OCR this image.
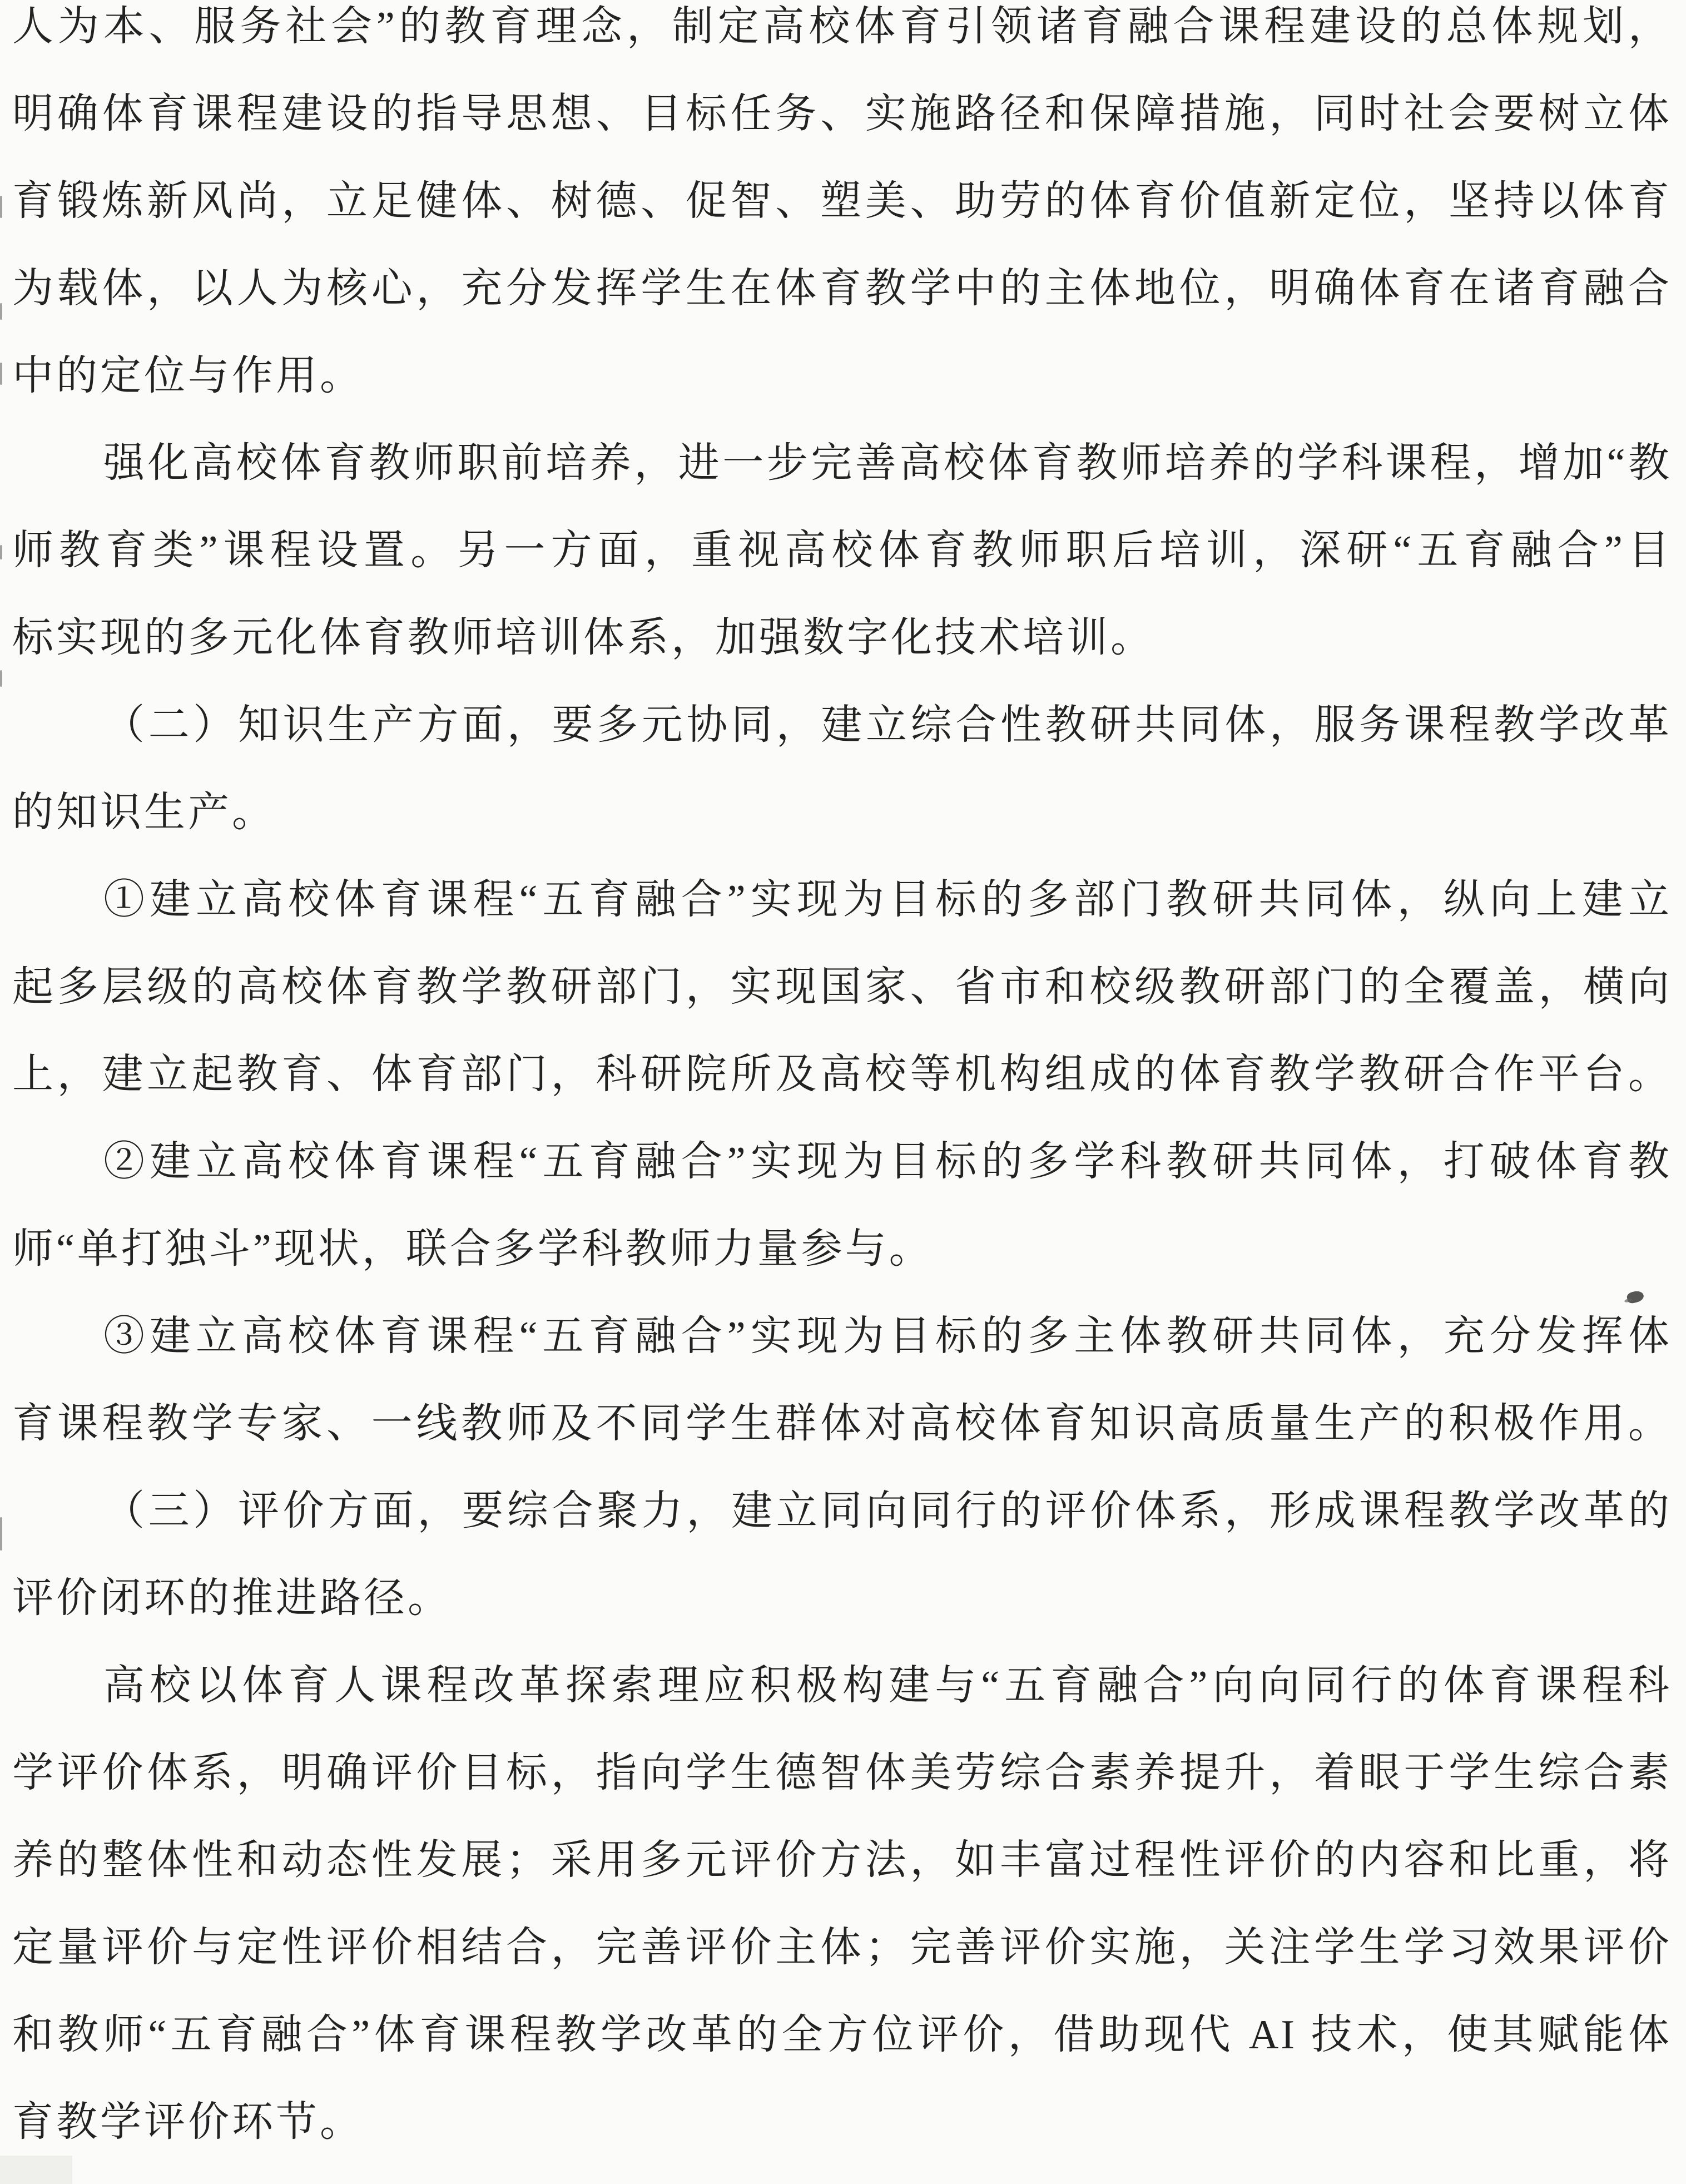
人为本、服务社会”的教育理念，制定高校体育引领诸育融合课程建设的总体规划，
明确体育课程建设的指导思想、目标任务、实施路径和保障措施，同时社会要树立体
育锻炼新风尚，立足健体、树德、促智、塑美、助劳的体育价值新定位，坚持以体育
为载体，以人为核心，充分发挥学生在体育教学中的主体地位，明确体育在诸育融合
中的定位与作用。
强化高校体育教师职前培养，进一步完善高校体育教师培养的学科课程，增加“教
师教育类”课程设置。另一方面，重视高校体育教师职后培训，深研“五育融合”目
标实现的多元化体育教师培训体系，加强数字化技术培训。
（二）知识生产方面，要多元协同，建立综合性教研共同体，服务课程教学改革
的知识生产。
①建立高校体育课程“五育融合”实现为目标的多部门教研共同体，纵向上建立
起多层级的高校体育教学教研部门，实现国家、省市和校级教研部门的全覆盖，横向
上，建立起教育、体育部门，科研院所及高校等机构组成的体育教学教研合作平台。
②建立高校体育课程“五育融合”实现为目标的多学科教研共同体，打破体育教
师“单打独斗”现状，联合多学科教师力量参与。
③建立高校体育课程“五育融合”实现为目标的多主体教研共同体，充分发挥体
育课程教学专家、一线教师及不同学生群体对高校体育知识高质量生产的积极作用。
（三）评价方面，要综合聚力，建立同向同行的评价体系，形成课程教学改革的
评价闭环的推进路径。
高校以体育人课程改革探索理应积极构建与“五育融合”向向同行的体育课程科
学评价体系，明确评价目标，指向学生德智体美劳综合素养提升，着眼于学生综合素
养的整体性和动态性发展；采用多元评价方法，如丰富过程性评价的内容和比重，将
定量评价与定性评价相结合，完善评价主体；完善评价实施，关注学生学习效果评价
和教师“五育融合”体育课程教学改革的全方位评价，借助现代 AI 技术，使其赋能体
育教学评价环节。
